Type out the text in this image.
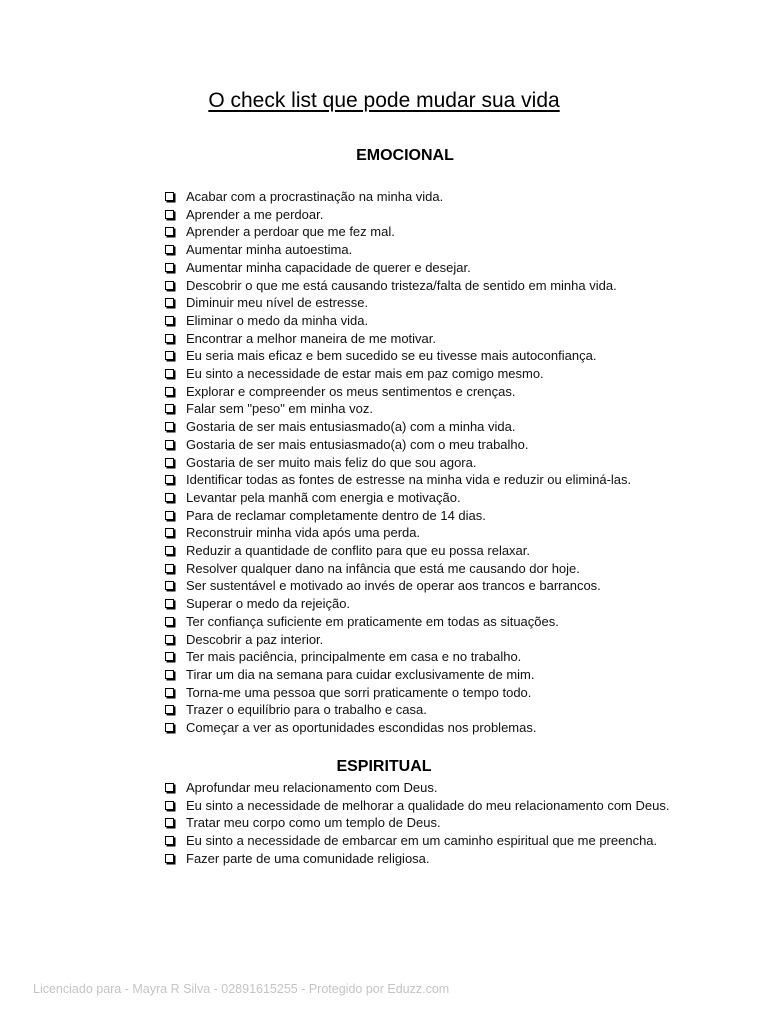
O check list que pode mudar sua vida
EMOCIONAL
Acabar com a procrastinação na minha vida.
Aprender a me perdoar.
Aprender a perdoar que me fez mal.
Aumentar minha autoestima.
Aumentar minha capacidade de querer e desejar.
Descobrir o que me está causando tristeza/falta de sentido em minha vida.
Diminuir meu nível de estresse.
Eliminar o medo da minha vida.
Encontrar a melhor maneira de me motivar.
Eu seria mais eficaz e bem sucedido se eu tivesse mais autoconfiança.
Eu sinto a necessidade de estar mais em paz comigo mesmo.
Explorar e compreender os meus sentimentos e crenças.
Falar sem "peso" em minha voz.
Gostaria de ser mais entusiasmado(a) com a minha vida.
Gostaria de ser mais entusiasmado(a) com o meu trabalho.
Gostaria de ser muito mais feliz do que sou agora.
Identificar todas as fontes de estresse na minha vida e reduzir ou eliminá-las.
Levantar pela manhã com energia e motivação.
Para de reclamar completamente dentro de 14 dias.
Reconstruir minha vida após uma perda.
Reduzir a quantidade de conflito para que eu possa relaxar.
Resolver qualquer dano na infância que está me causando dor hoje.
Ser sustentável e motivado ao invés de operar aos trancos e barrancos.
Superar o medo da rejeição.
Ter confiança suficiente em praticamente em todas as situações.
Descobrir a paz interior.
Ter mais paciência, principalmente em casa e no trabalho.
Tirar um dia na semana para cuidar exclusivamente de mim.
Torna-me uma pessoa que sorri praticamente o tempo todo.
Trazer o equilíbrio para o trabalho e casa.
Começar a ver as oportunidades escondidas nos problemas.
ESPIRITUAL
Aprofundar meu relacionamento com Deus.
Eu sinto a necessidade de melhorar a qualidade do meu relacionamento com Deus.
Tratar meu corpo como um templo de Deus.
Eu sinto a necessidade de embarcar em um caminho espiritual que me preencha.
Fazer parte de uma comunidade religiosa.
Licenciado para - Mayra R Silva - 02891615255 - Protegido por Eduzz.com
